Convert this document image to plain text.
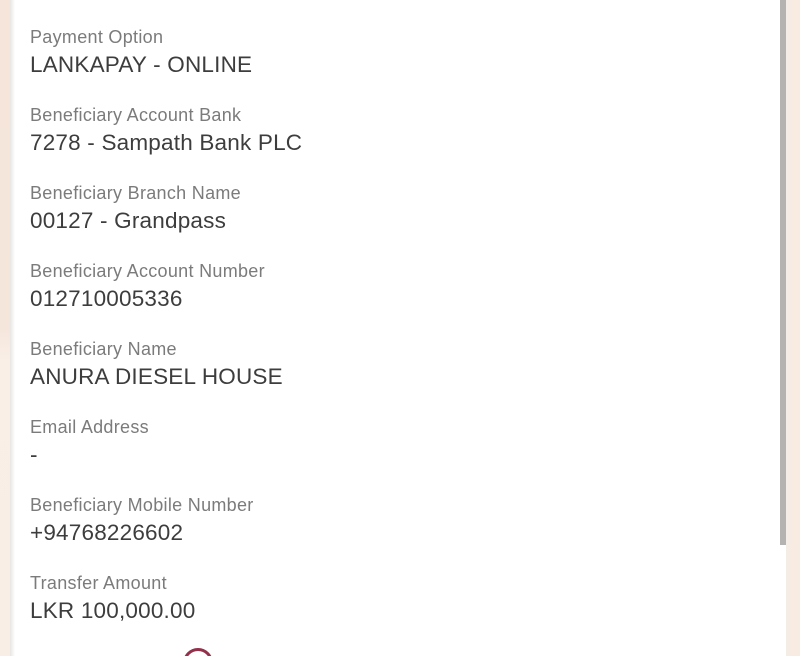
Payment Option
LANKAPAY - ONLINE
Beneficiary Account Bank
7278 - Sampath Bank PLC
Beneficiary Branch Name
00127 - Grandpass
Beneficiary Account Number
012710005336
Beneficiary Name
ANURA DIESEL HOUSE
Email Address
-
Beneficiary Mobile Number
+94768226602
Transfer Amount
LKR 100,000.00
